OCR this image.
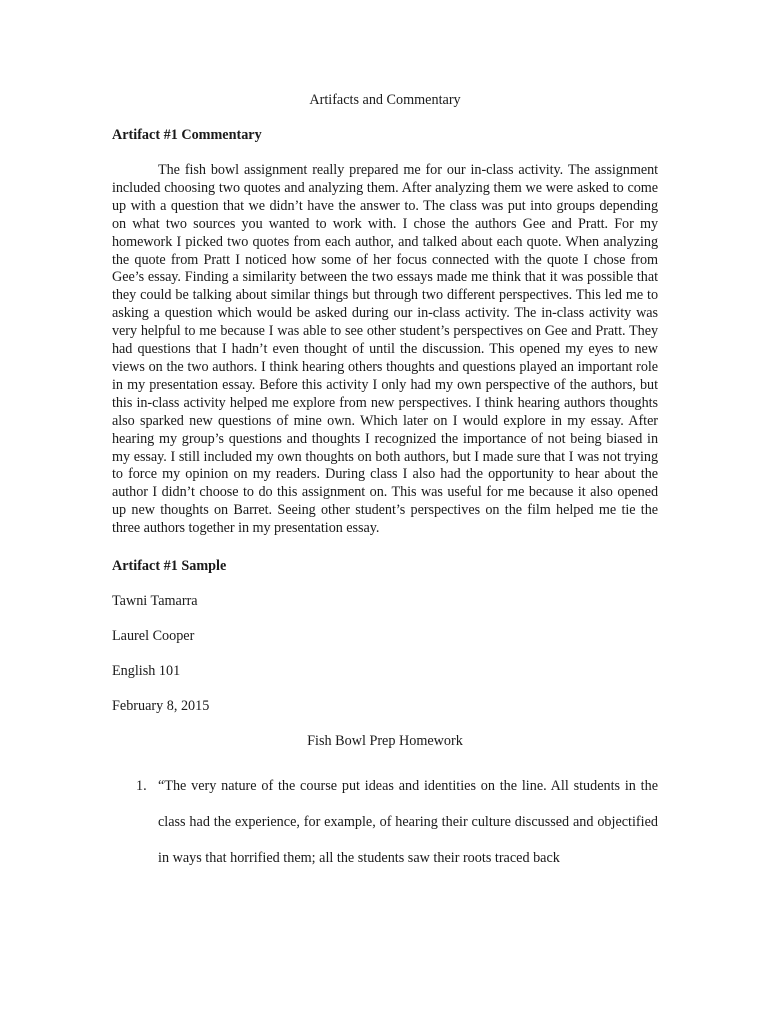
Artifacts and Commentary

Artifact #1 Commentary

The fish bowl assignment really prepared me for our in-class activity. The assignment included choosing two quotes and analyzing them. After analyzing them we were asked to come up with a question that we didn’t have the answer to. The class was put into groups depending on what two sources you wanted to work with. I chose the authors Gee and Pratt. For my homework I picked two quotes from each author, and talked about each quote. When analyzing the quote from Pratt I noticed how some of her focus connected with the quote I chose from Gee’s essay. Finding a similarity between the two essays made me think that it was possible that they could be talking about similar things but through two different perspectives. This led me to asking a question which would be asked during our in-class activity. The in-class activity was very helpful to me because I was able to see other student’s perspectives on Gee and Pratt. They had questions that I hadn’t even thought of until the discussion. This opened my eyes to new views on the two authors. I think hearing others thoughts and questions played an important role in my presentation essay. Before this activity I only had my own perspective of the authors, but this in-class activity helped me explore from new perspectives. I think hearing authors thoughts also sparked new questions of mine own. Which later on I would explore in my essay. After hearing my group’s questions and thoughts I recognized the importance of not being biased in my essay. I still included my own thoughts on both authors, but I made sure that I was not trying to force my opinion on my readers. During class I also had the opportunity to hear about the author I didn’t choose to do this assignment on. This was useful for me because it also opened up new thoughts on Barret. Seeing other student’s perspectives on the film helped me tie the three authors together in my presentation essay.

Artifact #1 Sample

Tawni Tamarra

Laurel Cooper

English 101

February 8, 2015

Fish Bowl Prep Homework

1. “The very nature of the course put ideas and identities on the line. All students in the class had the experience, for example, of hearing their culture discussed and objectified in ways that horrified them; all the students saw their roots traced back
